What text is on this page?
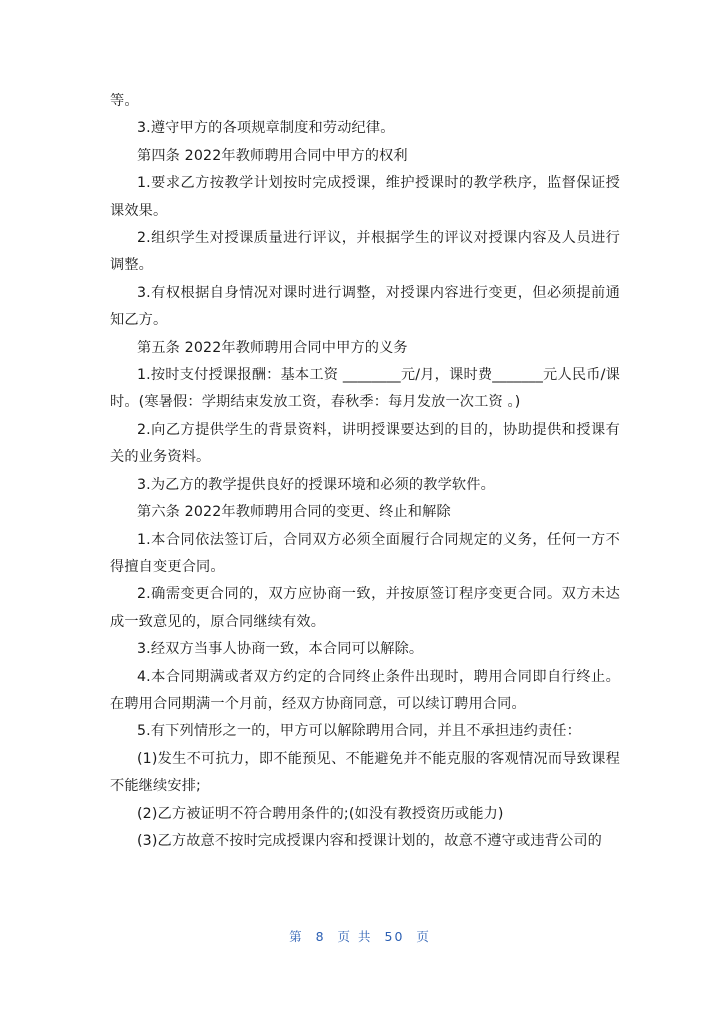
等。

3.遵守甲方的各项规章制度和劳动纪律。

第四条 2022年教师聘用合同中甲方的权利

1.要求乙方按教学计划按时完成授课，维护授课时的教学秩序，监督保证授课效果。

2.组织学生对授课质量进行评议，并根据学生的评议对授课内容及人员进行调整。

3.有权根据自身情况对课时进行调整，对授课内容进行变更，但必须提前通知乙方。

第五条 2022年教师聘用合同中甲方的义务

1.按时支付授课报酬：基本工资 ________元/月，课时费_______元人民币/课时。(寒暑假：学期结束发放工资，春秋季：每月发放一次工资 。)

2.向乙方提供学生的背景资料，讲明授课要达到的目的，协助提供和授课有关的业务资料。

3.为乙方的教学提供良好的授课环境和必须的教学软件。

第六条 2022年教师聘用合同的变更、终止和解除

1.本合同依法签订后，合同双方必须全面履行合同规定的义务，任何一方不得擅自变更合同。

2.确需变更合同的，双方应协商一致，并按原签订程序变更合同。双方未达成一致意见的，原合同继续有效。

3.经双方当事人协商一致，本合同可以解除。

4.本合同期满或者双方约定的合同终止条件出现时，聘用合同即自行终止。在聘用合同期满一个月前，经双方协商同意，可以续订聘用合同。

5.有下列情形之一的，甲方可以解除聘用合同，并且不承担违约责任：

(1)发生不可抗力，即不能预见、不能避免并不能克服的客观情况而导致课程不能继续安排;

(2)乙方被证明不符合聘用条件的;(如没有教授资历或能力)

(3)乙方故意不按时完成授课内容和授课计划的，故意不遵守或违背公司的

第 8 页 共 50 页
